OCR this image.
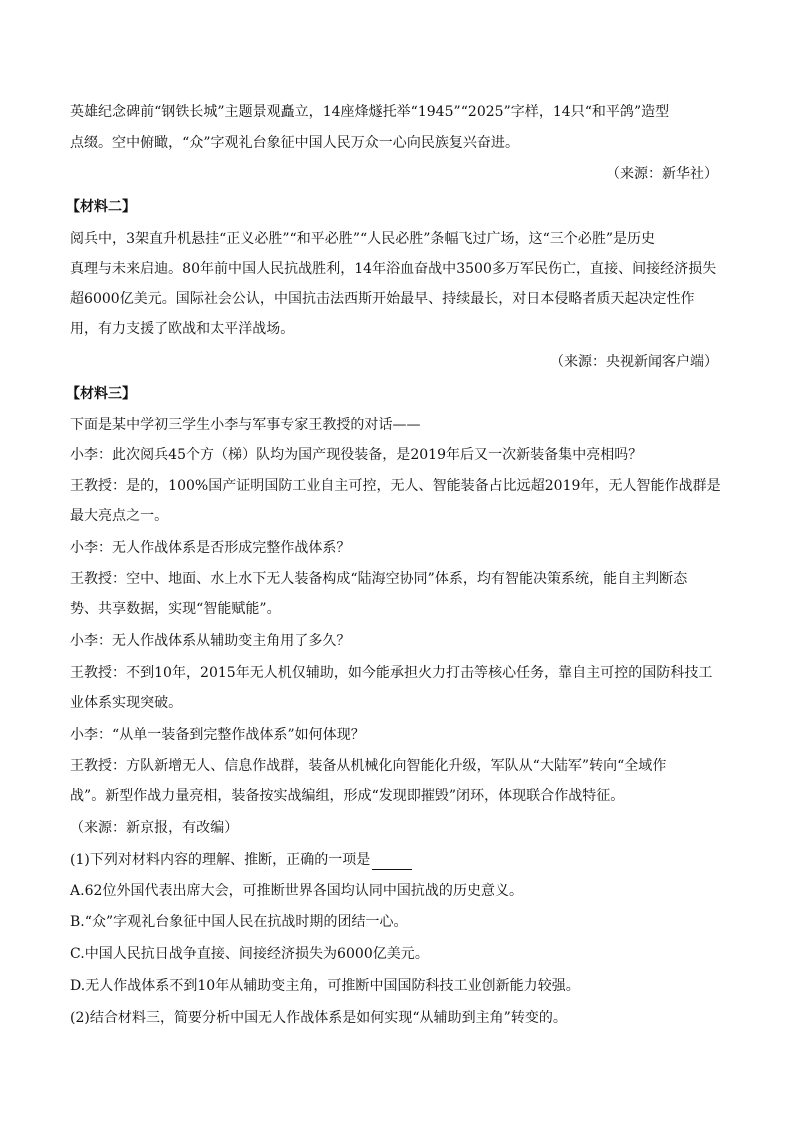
英雄纪念碑前“钢铁长城”主题景观矗立，14座烽燧托举“1945”“2025”字样，14只“和平鸽”造型
点缀。空中俯瞰，“众”字观礼台象征中国人民万众一心向民族复兴奋进。
（来源：新华社）
【材料二】
阅兵中，3架直升机悬挂“正义必胜”“和平必胜”“人民必胜”条幅飞过广场，这“三个必胜”是历史
真理与未来启迪。80年前中国人民抗战胜利，14年浴血奋战中3500多万军民伤亡，直接、间接经济损失
超6000亿美元。国际社会公认，中国抗击法西斯开始最早、持续最长，对日本侵略者质天起决定性作
用，有力支援了欧战和太平洋战场。
（来源：央视新闻客户端）
【材料三】
下面是某中学初三学生小李与军事专家王教授的对话——
小李：此次阅兵45个方（梯）队均为国产现役装备，是2019年后又一次新装备集中亮相吗？
王教授：是的，100%国产证明国防工业自主可控，无人、智能装备占比远超2019年，无人智能作战群是
最大亮点之一。
小李：无人作战体系是否形成完整作战体系？
王教授：空中、地面、水上水下无人装备构成“陆海空协同”体系，均有智能决策系统，能自主判断态
势、共享数据，实现“智能赋能”。
小李：无人作战体系从辅助变主角用了多久？
王教授：不到10年，2015年无人机仅辅助，如今能承担火力打击等核心任务，靠自主可控的国防科技工
业体系实现突破。
小李：“从单一装备到完整作战体系”如何体现？
王教授：方队新增无人、信息作战群，装备从机械化向智能化升级，军队从“大陆军”转向“全域作
战”。新型作战力量亮相，装备按实战编组，形成“发现即摧毁”闭环，体现联合作战特征。
（来源：新京报，有改编）
(1)下列对材料内容的理解、推断，正确的一项是
A.62位外国代表出席大会，可推断世界各国均认同中国抗战的历史意义。
B.“众”字观礼台象征中国人民在抗战时期的团结一心。
C.中国人民抗日战争直接、间接经济损失为6000亿美元。
D.无人作战体系不到10年从辅助变主角，可推断中国国防科技工业创新能力较强。
(2)结合材料三，简要分析中国无人作战体系是如何实现“从辅助到主角”转变的。
